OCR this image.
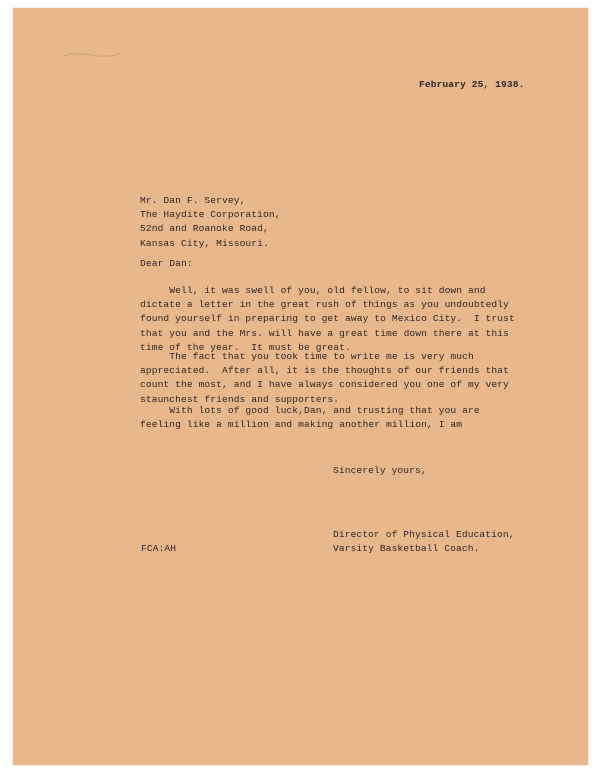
February 25, 1938.

Mr. Dan F. Servey,
The Haydite Corporation,
52nd and Roanoke Road,
Kansas City, Missouri.

Dear Dan:

Well, it was swell of you, old fellow, to sit down and
dictate a letter in the great rush of things as you undoubtedly
found yourself in preparing to get away to Mexico City.  I trust
that you and the Mrs. will have a great time down there at this
time of the year.  It must be great.
The fact that you took time to write me is very much
appreciated.  After all, it is the thoughts of our friends that
count the most, and I have always considered you one of my very
staunchest friends and supporters.
With lots of good luck,Dan, and trusting that you are
feeling like a million and making another million, I am

Sincerely yours,

Director of Physical Education,
Varsity Basketball Coach.

FCA:AH
